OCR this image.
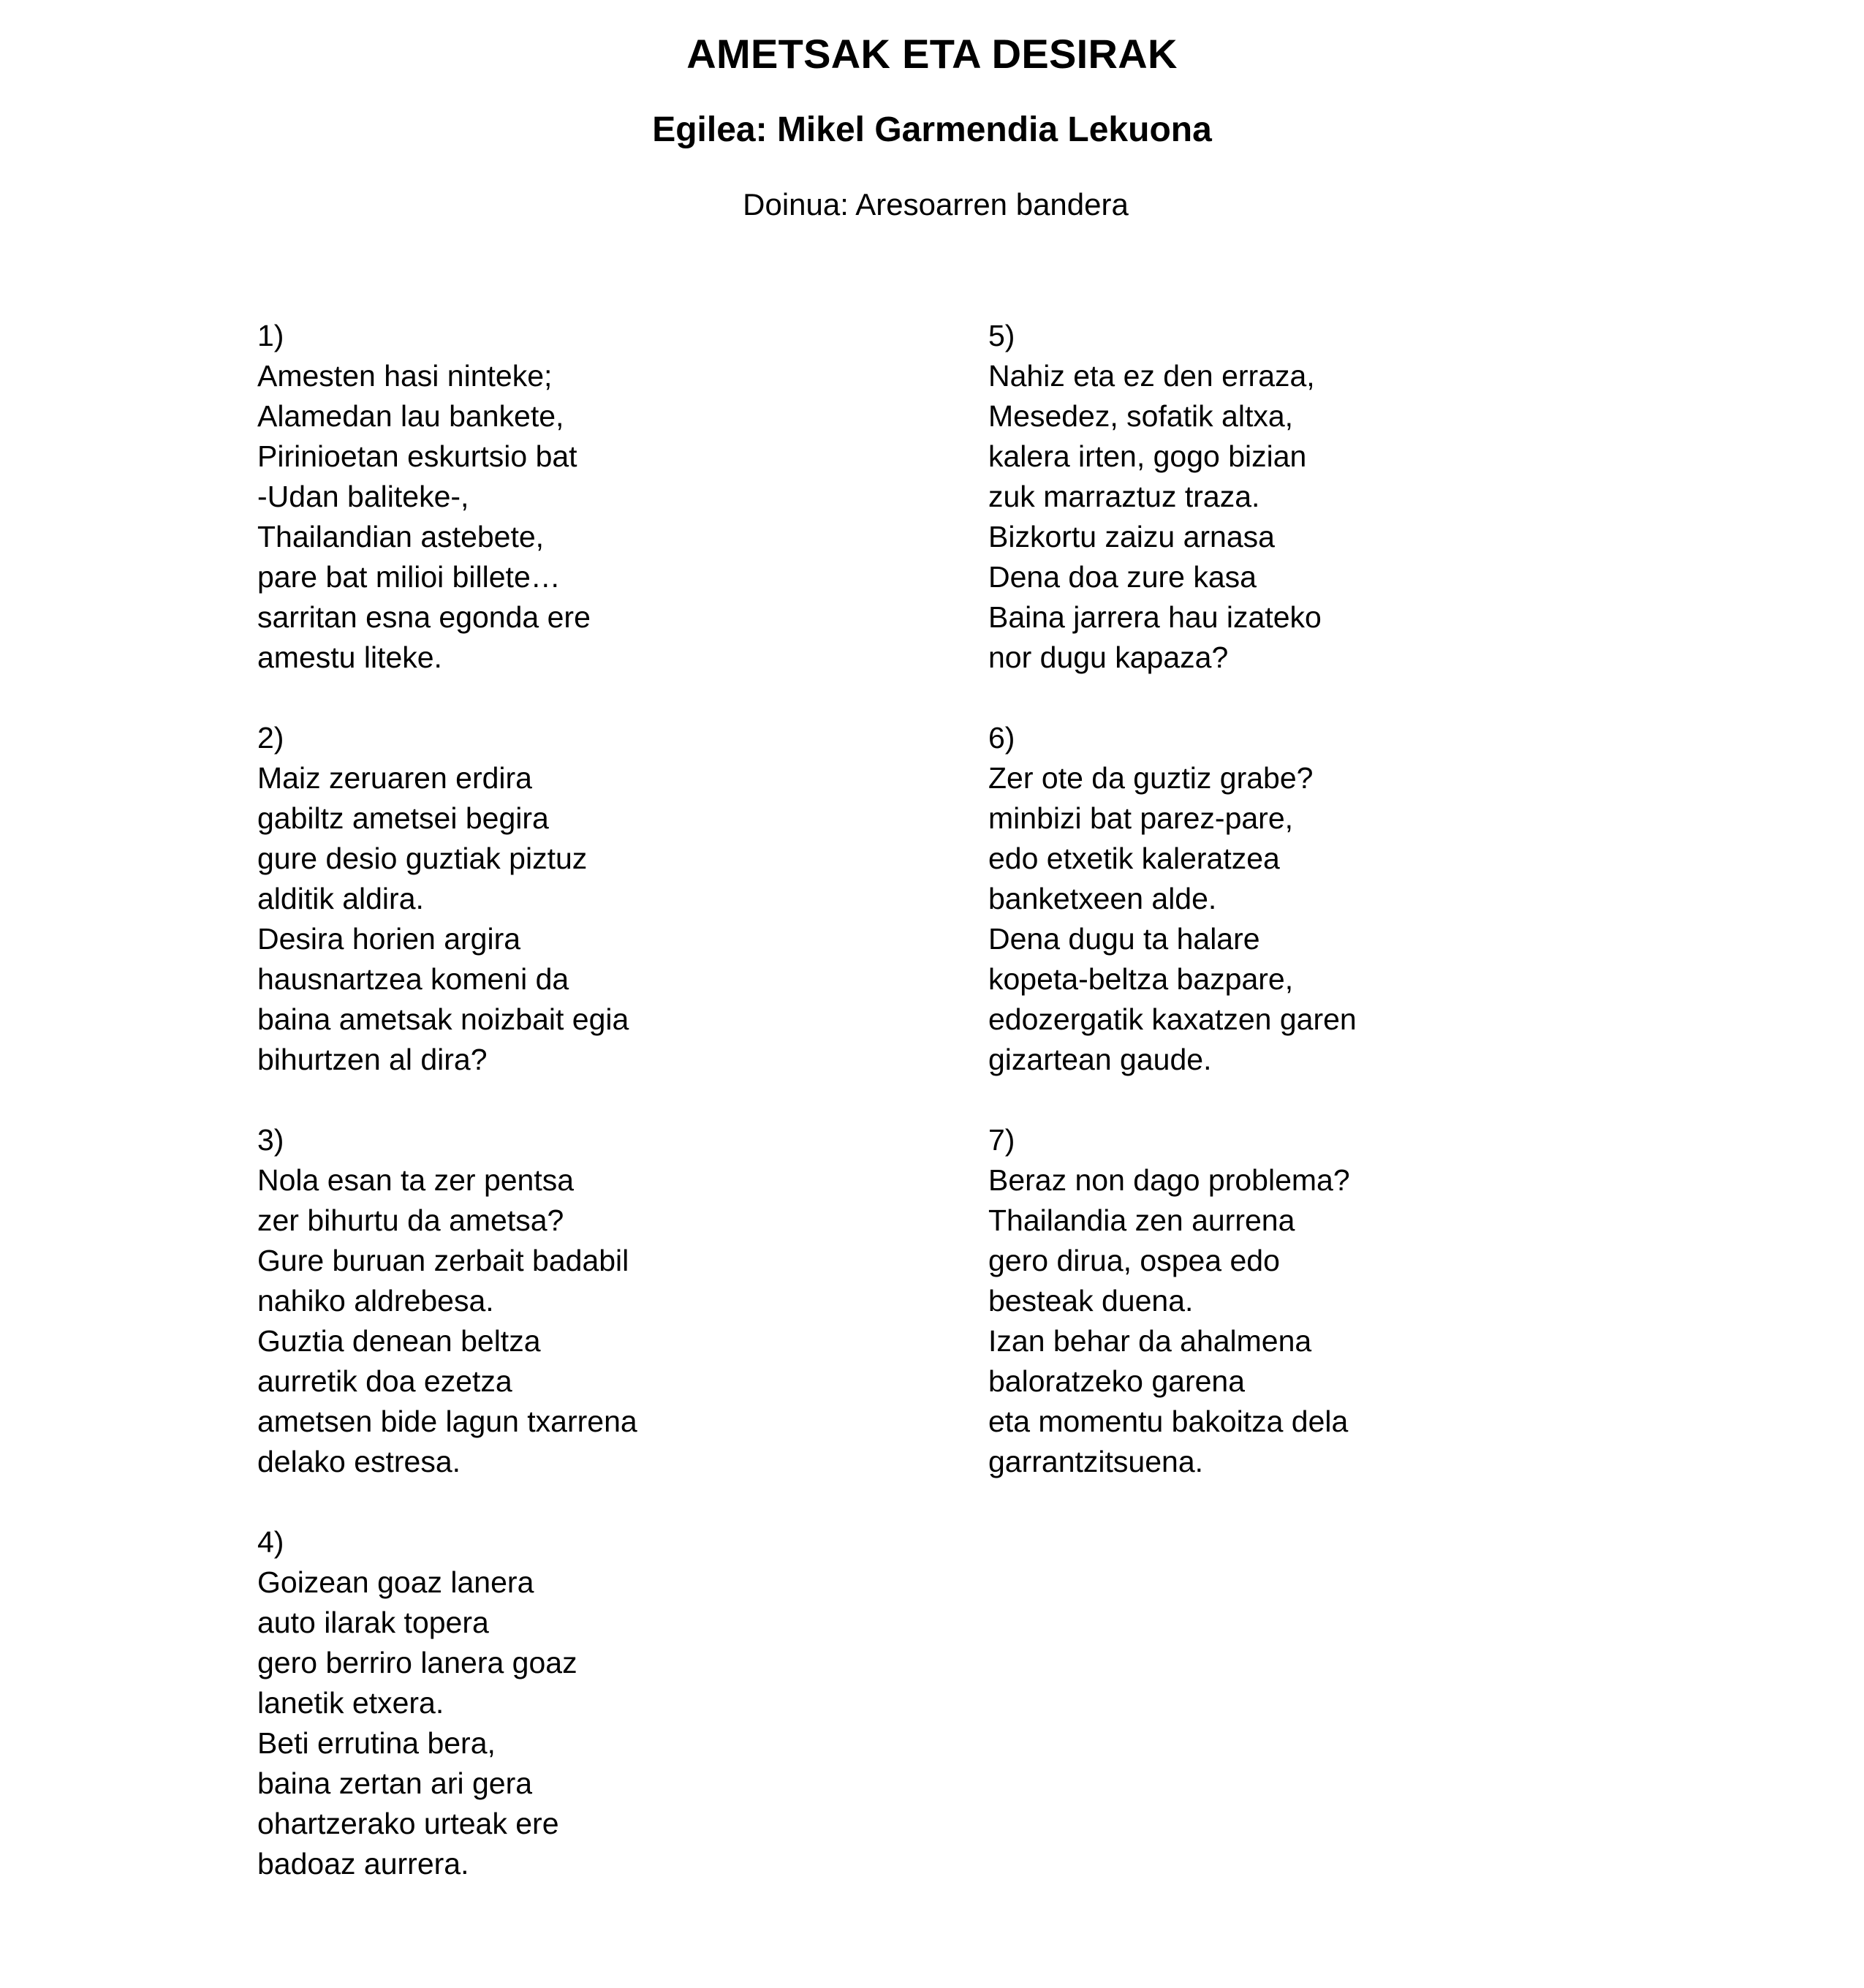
AMETSAK ETA DESIRAK
Egilea: Mikel Garmendia Lekuona

Doinua: Aresoarren bandera

1)
Amesten hasi ninteke;
Alamedan lau bankete,
Pirinioetan eskurtsio bat
-Udan baliteke-,
Thailandian astebete,
pare bat milioi billete…
sarritan esna egonda ere
amestu liteke.
2)
Maiz zeruaren erdira
gabiltz ametsei begira
gure desio guztiak piztuz
alditik aldira.
Desira horien argira
hausnartzea komeni da
baina ametsak noizbait egia
bihurtzen al dira?
3)
Nola esan ta zer pentsa
zer bihurtu da ametsa?
Gure buruan zerbait badabil
nahiko aldrebesa.
Guztia denean beltza
aurretik doa ezetza
ametsen bide lagun txarrena
delako estresa.
4)
Goizean goaz lanera
auto ilarak topera
gero berriro lanera goaz
lanetik etxera.
Beti errutina bera,
baina zertan ari gera
ohartzerako urteak ere
badoaz aurrera.
5)
Nahiz eta ez den erraza,
Mesedez, sofatik altxa,
kalera irten, gogo bizian
zuk marraztuz traza.
Bizkortu zaizu arnasa
Dena doa zure kasa
Baina jarrera hau izateko
nor dugu kapaza?
6)
Zer ote da guztiz grabe?
minbizi bat parez-pare,
edo etxetik kaleratzea
banketxeen alde.
Dena dugu ta halare
kopeta-beltza bazpare,
edozergatik kaxatzen garen
gizartean gaude.
7)
Beraz non dago problema?
Thailandia zen aurrena
gero dirua, ospea edo
besteak duena.
Izan behar da ahalmena
baloratzeko garena
eta momentu bakoitza dela
garrantzitsuena.
